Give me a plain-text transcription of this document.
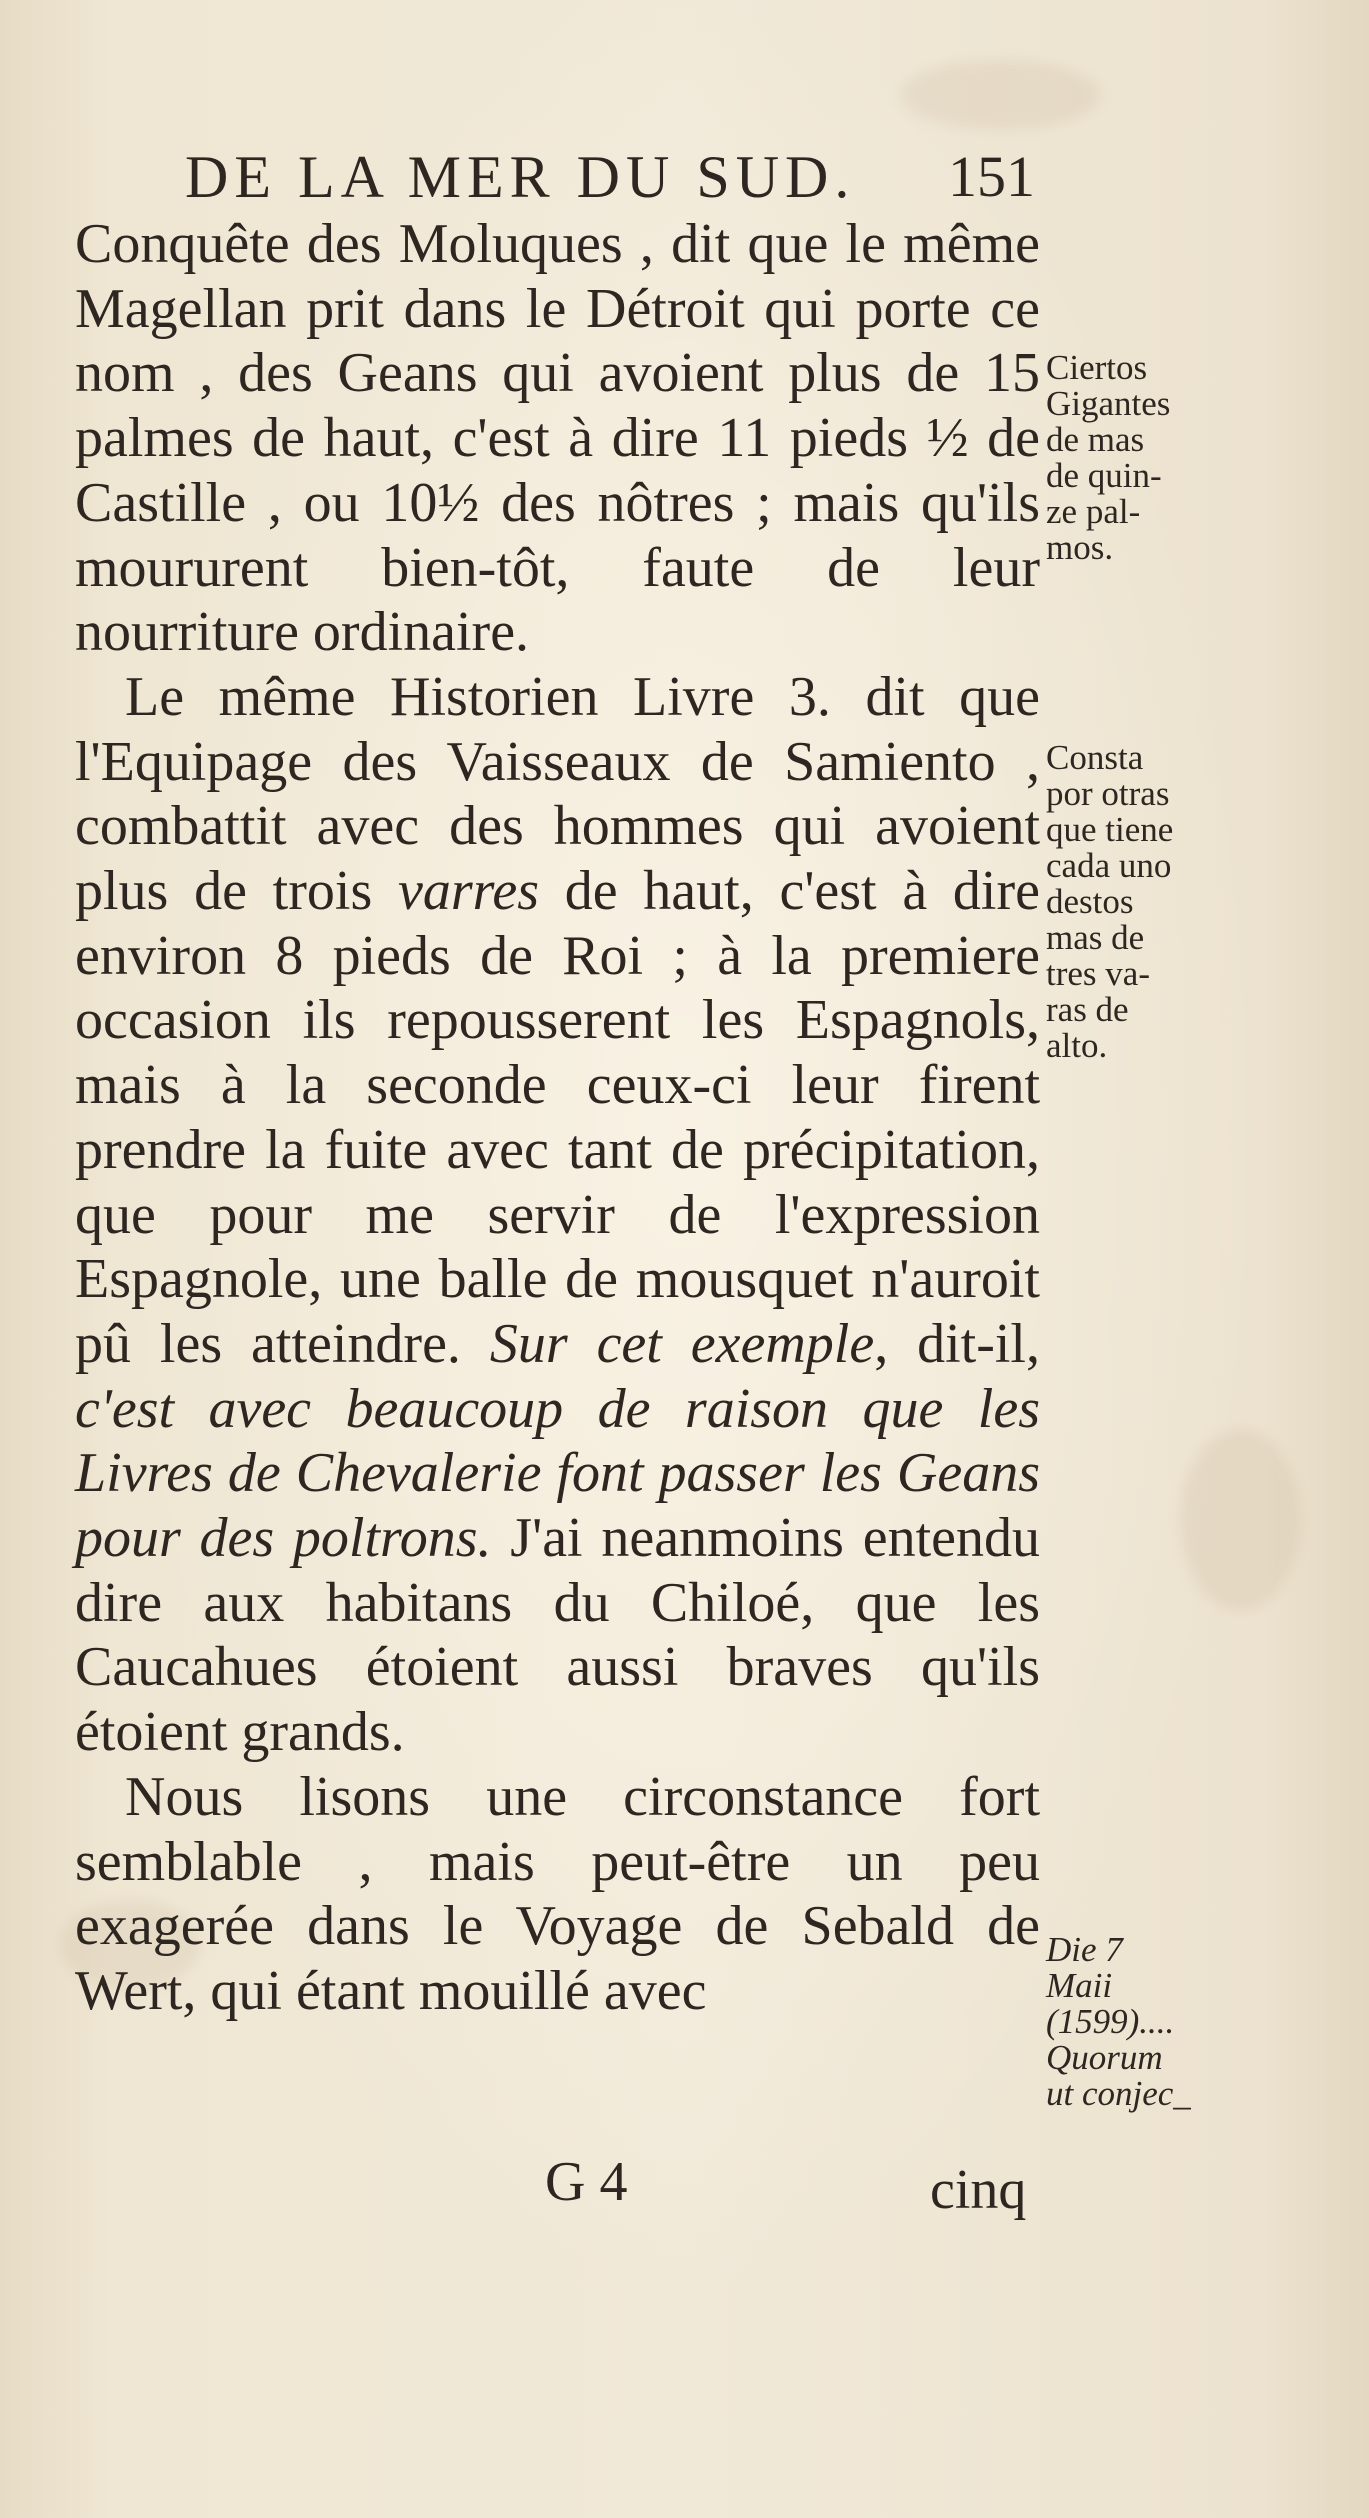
DE LA MER DU SUD. 151

Conquête des Moluques , dit que le même Magellan prit dans le Détroit qui porte ce nom , des Geans qui avoient plus de 15 palmes de haut, c'est à dire 11 pieds ½ de Castille , ou 10½ des nôtres ; mais qu'ils moururent bien-tôt, faute de leur nourriture ordinaire.

Le même Historien Livre 3. dit que l'Equipage des Vaisseaux de Samiento , combattit avec des hommes qui avoient plus de trois varres de haut, c'est à dire environ 8 pieds de Roi ; à la premiere occasion ils repousserent les Espagnols, mais à la seconde ceux-ci leur firent prendre la fuite avec tant de précipitation, que pour me servir de l'expression Espagnole, une balle de mousquet n'auroit pû les atteindre. Sur cet exemple, dit-il, c'est avec beaucoup de raison que les Livres de Chevalerie font passer les Geans pour des poltrons. J'ai neanmoins entendu dire aux habitans du Chiloé, que les Caucahues étoient aussi braves qu'ils étoient grands.

Nous lisons une circonstance fort semblable , mais peut-être un peu exagerée dans le Voyage de Sebald de Wert, qui étant mouillé avec

Ciertos
Gigantes
de mas
de quin-
ze pal-
mos.
Consta
por otras
que tiene
cada uno
destos
mas de
tres va-
ras de
alto.
Die 7
Maii
(1599)....
Quorum
ut conjec_
G 4	cinq
